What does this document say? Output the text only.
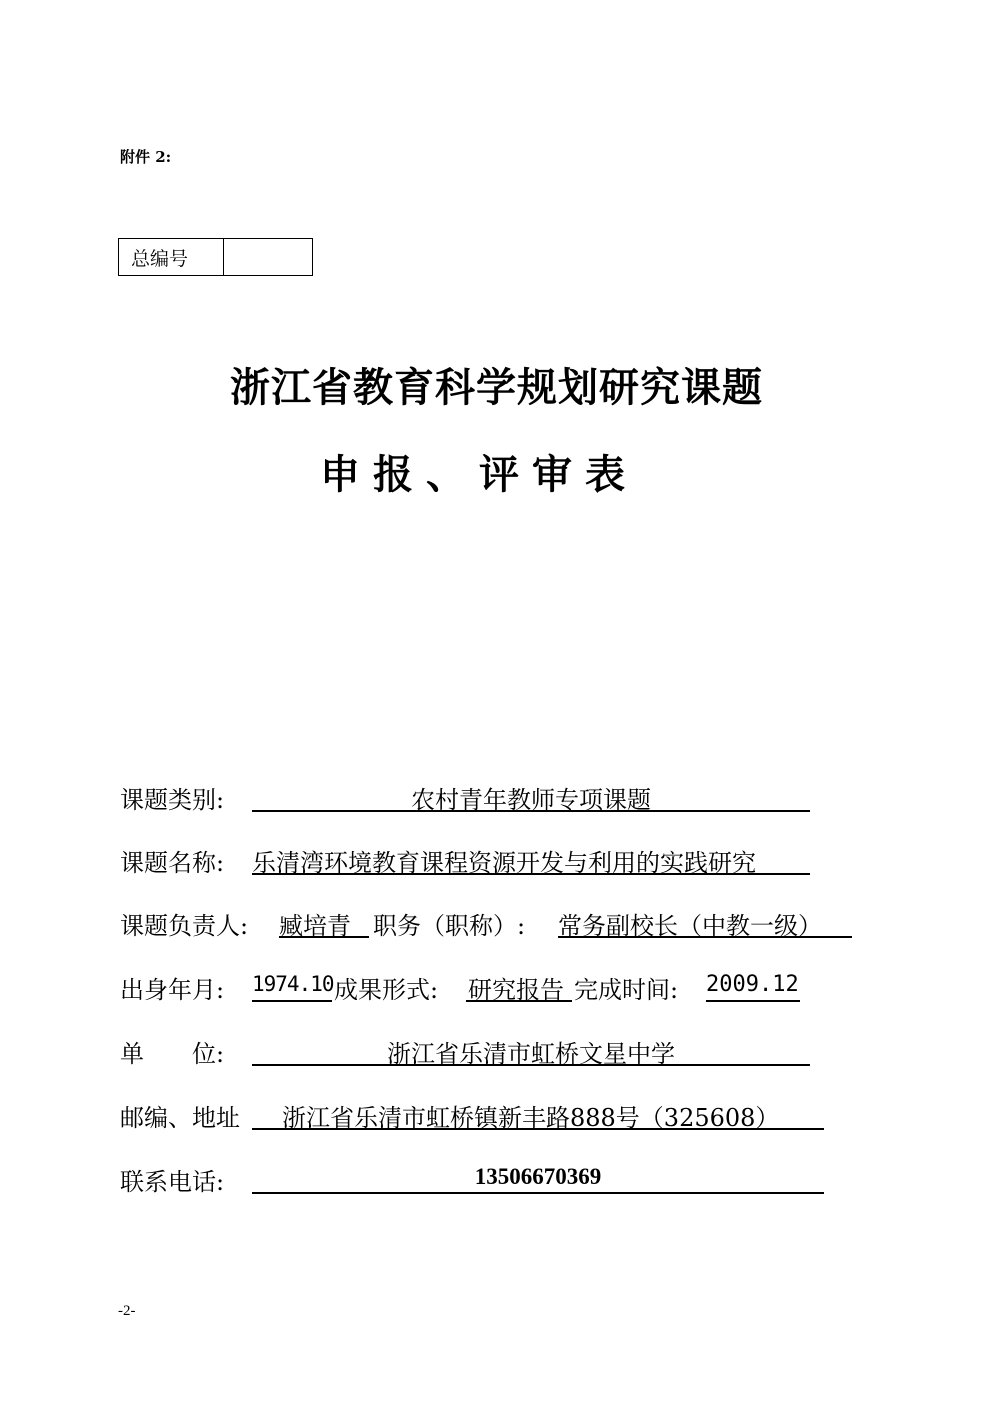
附件 2:
总编号
浙江省教育科学规划研究课题
申报、评审表
课题类别:	农村青年教师专项课题
课题名称: 乐清湾环境教育课程资源开发与利用的实践研究
课题负责人: 臧培青 职务（职称）: 常务副校长（中教一级）
出身年月: 1974.10 成果形式: 研究报告 完成时间: 2009.12
单　　位:	浙江省乐清市虹桥文星中学
邮编、地址 浙江省乐清市虹桥镇新丰路888号（325608）
联系电话:	13506670369
-2-
